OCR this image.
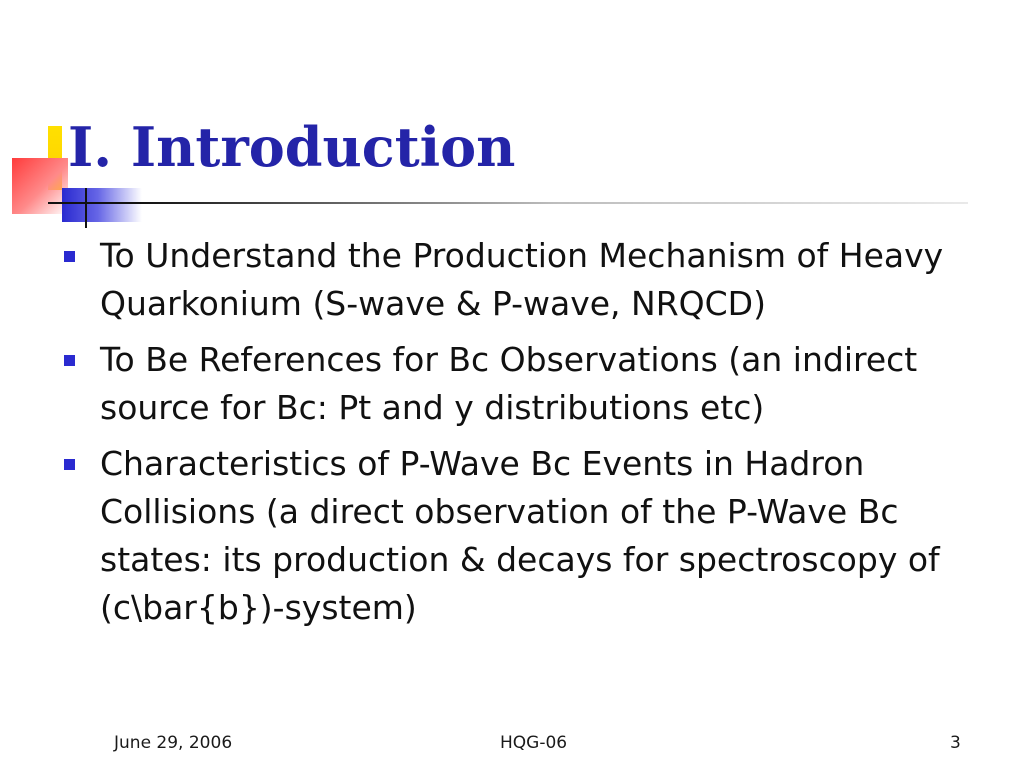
I. Introduction
To Understand the Production Mechanism of Heavy Quarkonium (S-wave & P-wave, NRQCD)
To Be References for Bc Observations (an indirect source for Bc: Pt and y distributions etc)
Characteristics of P-Wave Bc Events in Hadron Collisions (a direct observation of the P-Wave Bc states: its production & decays for spectroscopy of (c\bar{b})-system)
June 29, 2006	HQG-06	3
